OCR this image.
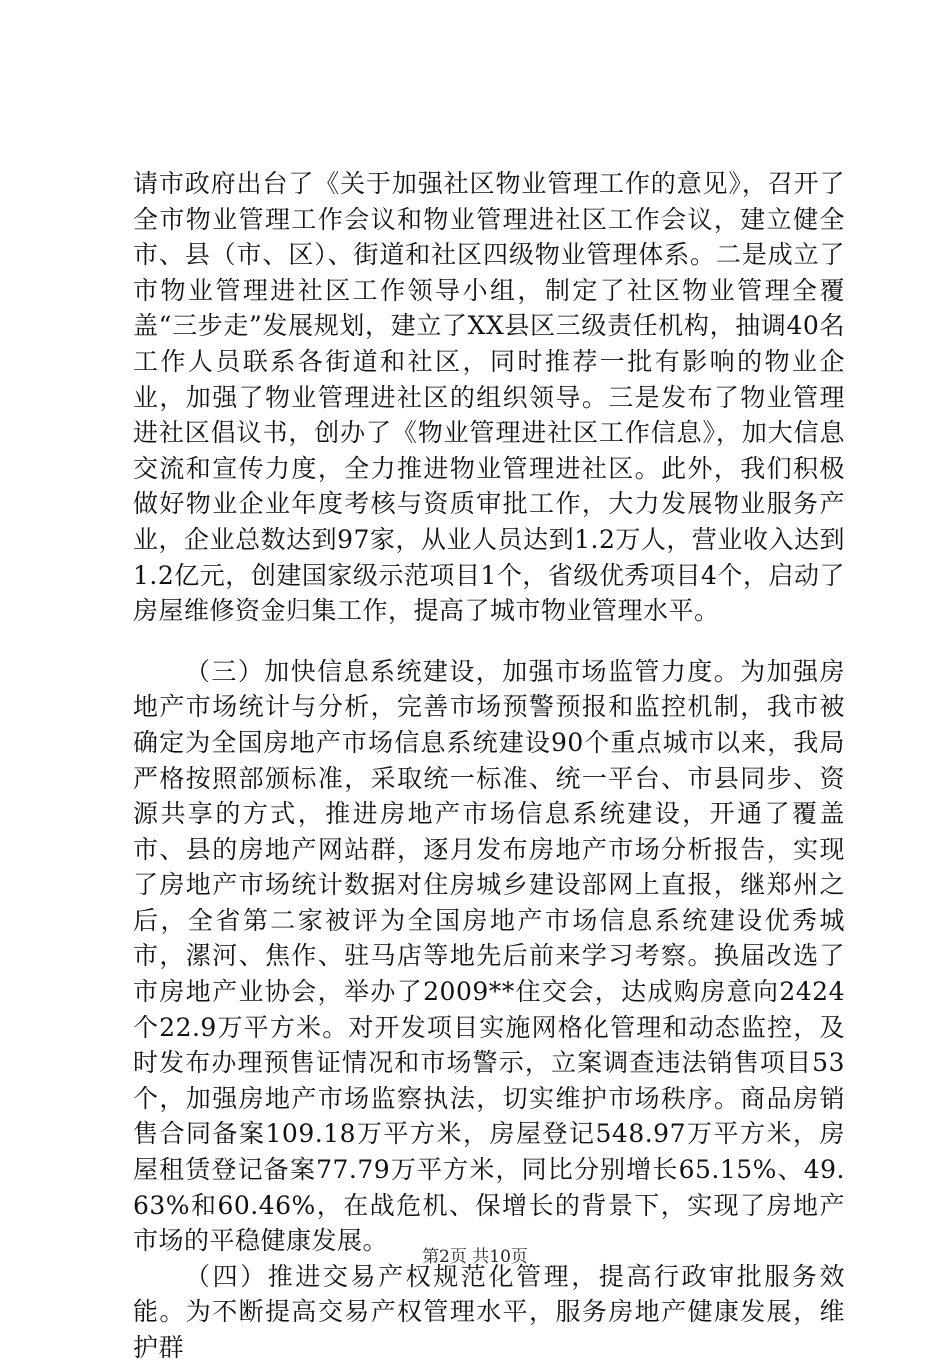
请市政府出台了《关于加强社区物业管理工作的意见》，召开了全市物业管理工作会议和物业管理进社区工作会议，建立健全市、县（市、区）、街道和社区四级物业管理体系。二是成立了市物业管理进社区工作领导小组，制定了社区物业管理全覆盖“三步走”发展规划，建立了XX县区三级责任机构，抽调40名工作人员联系各街道和社区，同时推荐一批有影响的物业企业，加强了物业管理进社区的组织领导。三是发布了物业管理进社区倡议书，创办了《物业管理进社区工作信息》，加大信息交流和宣传力度，全力推进物业管理进社区。此外，我们积极做好物业企业年度考核与资质审批工作，大力发展物业服务产业，企业总数达到97家，从业人员达到1.2万人，营业收入达到1.2亿元，创建国家级示范项目1个，省级优秀项目4个，启动了房屋维修资金归集工作，提高了城市物业管理水平。

（三）加快信息系统建设，加强市场监管力度。为加强房地产市场统计与分析，完善市场预警预报和监控机制，我市被确定为全国房地产市场信息系统建设90个重点城市以来，我局严格按照部颁标准，采取统一标准、统一平台、市县同步、资源共享的方式，推进房地产市场信息系统建设，开通了覆盖市、县的房地产网站群，逐月发布房地产市场分析报告，实现了房地产市场统计数据对住房城乡建设部网上直报，继郑州之后，全省第二家被评为全国房地产市场信息系统建设优秀城市，漯河、焦作、驻马店等地先后前来学习考察。换届改选了市房地产业协会，举办了2009**住交会，达成购房意向2424个22.9万平方米。对开发项目实施网格化管理和动态监控，及时发布办理预售证情况和市场警示，立案调查违法销售项目53个，加强房地产市场监察执法，切实维护市场秩序。商品房销售合同备案109.18万平方米，房屋登记548.97万平方米，房屋租赁登记备案77.79万平方米，同比分别增长65.15%、49.63%和60.46%，在战危机、保增长的背景下，实现了房地产市场的平稳健康发展。

（四）推进交易产权规范化管理，提高行政审批服务效能。为不断提高交易产权管理水平，服务房地产健康发展，维护群

第2页 共10页
